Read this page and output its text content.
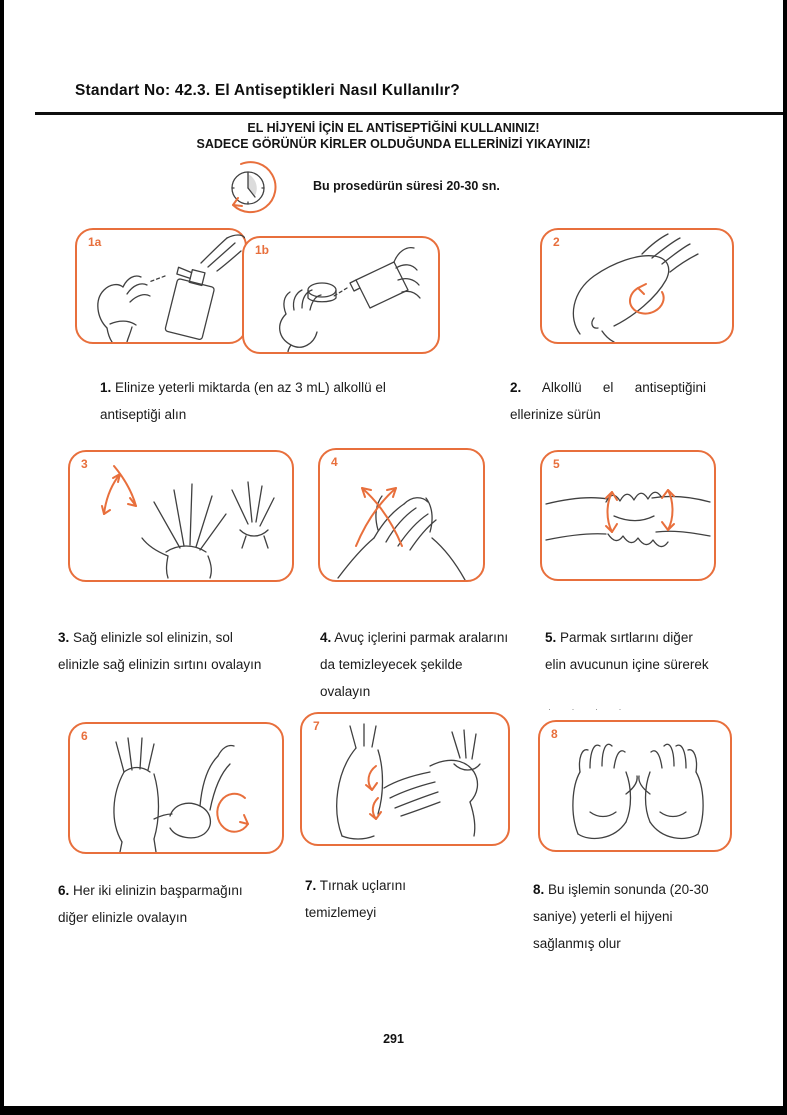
Standart No: 42.3. El Antiseptikleri Nasıl Kullanılır?
EL HİJYENİ İÇİN EL ANTİSEPTİĞİNİ KULLANINIZ!
SADECE GÖRÜNÜR KİRLER OLDUĞUNDA ELLERİNİZİ YIKAYINIZ!
Bu prosedürün süresi 20-30 sn.
1a
1b
2
1. Elinize yeterli miktarda (en az 3 mL) alkollü el antiseptiği alın
2. Alkollü el antiseptiğini ellerinize sürün
3	4	5
3. Sağ elinizle sol elinizin, sol elinizle sağ elinizin sırtını ovalayın
4. Avuç içlerini parmak aralarını da temizleyecek şekilde ovalayın
5. Parmak sırtlarını diğer elin avucunun içine sürerek
· · · ·
6
7
8
6. Her iki elinizin başparmağını diğer elinizle ovalayın
7. Tırnak uçlarını temizlemeyi
8. Bu işlemin sonunda (20-30 saniye) yeterli el hijyeni sağlanmış olur
291
